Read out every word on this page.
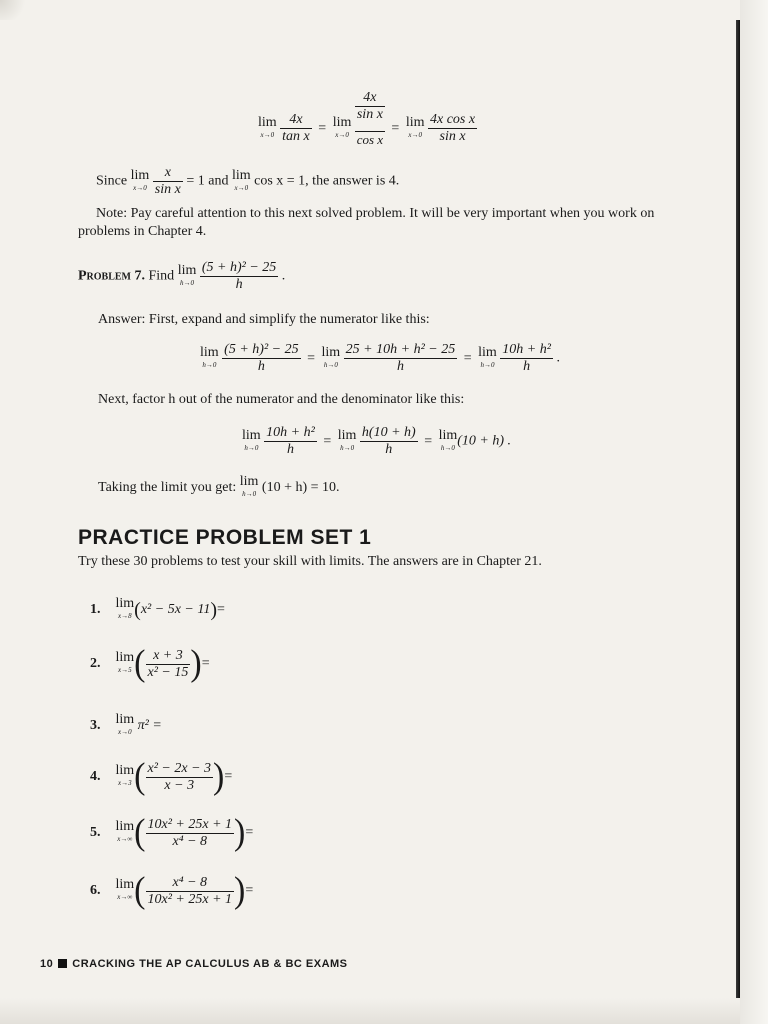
lim
x→0
$\frac{4x}{\text{tan x}} = \lim$
x→0

4x
sin x
cos x
= lim
x→0
$\frac{\text{4x cos x}}{\text{sin x}}$
Since lim
x→0
$\frac{x}{\text{sin x}} = 1$ and lim
x→0 cos x = 1, the answer is 4.
Note: Pay careful attention to this next solved problem. It will be very important when you work on problems in Chapter 4.
Problem 7. Find lim
h→0
$\frac{\text{(5 + h)² − 25}}{h}$ .
Answer: First, expand and simplify the numerator like this:
lim
h→0
$\frac{\text{(5 + h)² − 25}}{h} = \lim$
h→0
$\frac{\text{25 + 10h + h² − 25}}{h} = \lim$
h→0
$\frac{\text{10h + h²}}{h}$ .
Next, factor h out of the numerator and the denominator like this:
lim
h→0
$\frac{\text{10h + h²}}{h} = \lim$
h→0
$\frac{h(10 + h)}{h} = \lim$
h→0 (10 + h) .
Taking the limit you get: lim
h→0 (10 + h) = 10.
PRACTICE PROBLEM SET 1
Try these 30 problems to test your skill with limits. The answers are in Chapter 21.
1. lim
x→8 (x² − 5x − 11)=
2. lim
x→5 ( $\frac{x + 3}{\text{x² − 15}}$ )=
3. lim
x→0 π² =
4. lim
x→3 ( $\frac{\text{x² − 2x − 3}}{x - 3}$ )=
5. lim
x→∞ ( $\frac{\text{10x² + 25x + 1}}{\text{x⁴ − 8}}$ )=
6. lim
x→∞ ( $\frac{\text{x⁴ − 8}}{\text{10x² + 25x + 1}}$ )=
10 CRACKING THE AP CALCULUS AB & BC EXAMS
